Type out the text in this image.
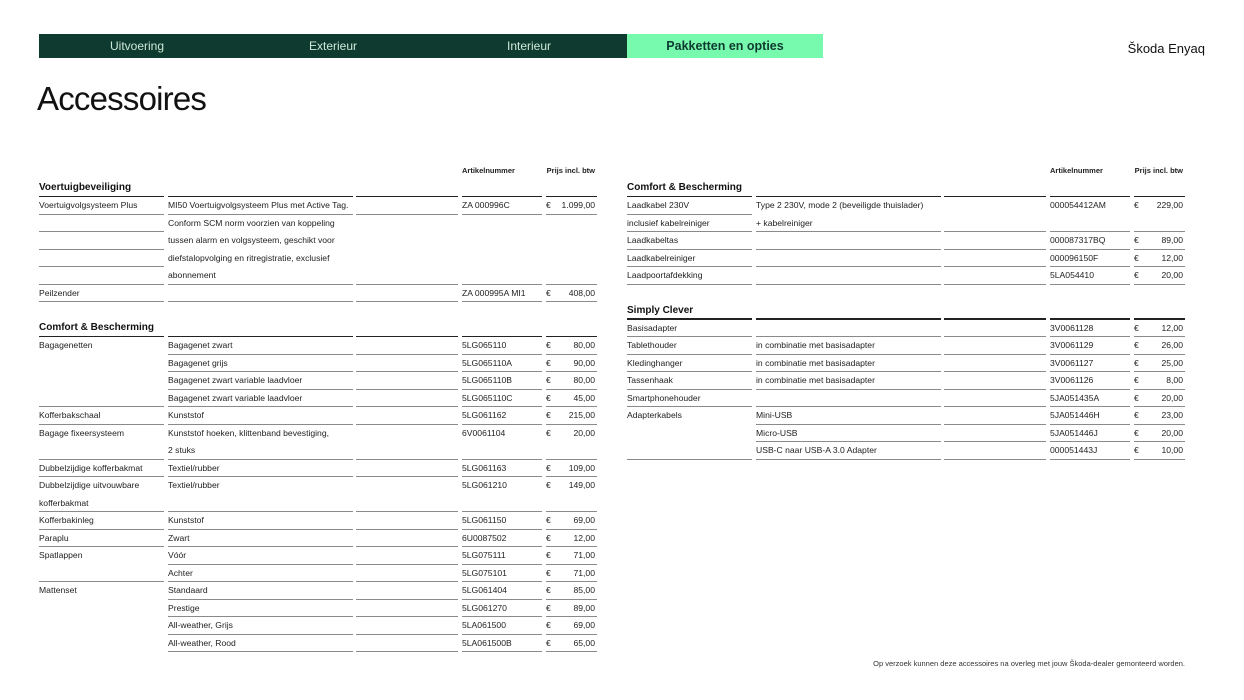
Uitvoering	Exterieur	Interieur	Pakketten en opties	Škoda Enyaq
Accessoires
Artikelnummer	Prijs incl. btw
Voertuigbeveiliging
Voertuigvolgsysteem Plus	MI50 Voertuigvolgsysteem Plus met Active Tag.	ZA 000996C	€ 1.099,00
Conform SCM norm voorzien van koppeling
tussen alarm en volgsysteem, geschikt voor
diefstalopvolging en ritregistratie, exclusief
abonnement
Peilzender	ZA 000995A MI1 € 408,00
Comfort & Bescherming
Bagagenetten	Bagagenet zwart	5LG065110	€	80,00
Bagagenet grijs	5LG065110A	€	90,00
Bagagenet zwart variable laadvloer	5LG065110B	€	80,00
Bagagenet zwart variable laadvloer	5LG065110C	€	45,00
Kofferbakschaal	Kunststof	5LG061162	€ 215,00
Bagage fixeersysteem	Kunststof hoeken, klittenband bevestiging,	6V0061104	€	20,00
2 stuks
Dubbelzijdige kofferbakmat	Textiel/rubber	5LG061163	€ 109,00
Dubbelzijdige uitvouwbare	Textiel/rubber	5LG061210	€ 149,00
kofferbakmat
Kofferbakinleg	Kunststof	5LG061150	€	69,00
Paraplu	Zwart	6U0087502	€	12,00
Spatlappen	Vóór	5LG075111	€	71,00
Achter	5LG075101	€	71,00
Mattenset	Standaard	5LG061404	€	85,00
Prestige	5LG061270	€	89,00
All-weather, Grijs	5LA061500	€	69,00
All-weather, Rood	5LA061500B	€	65,00
Artikelnummer	Prijs incl. btw
Comfort & Bescherming
Laadkabel 230V	Type 2 230V, mode 2 (beveiligde thuislader)	000054412AM	€ 229,00
inclusief kabelreiniger	+ kabelreiniger
Laadkabeltas	000087317BQ	€	89,00
Laadkabelreiniger	000096150F	€	12,00
Laadpoortafdekking	5LA054410	€	20,00
Simply Clever
Basisadapter	3V0061128	€	12,00
Tablethouder	in combinatie met basisadapter	3V0061129	€	26,00
Kledinghanger	in combinatie met basisadapter	3V0061127	€	25,00
Tassenhaak	in combinatie met basisadapter	3V0061126	€	8,00
Smartphonehouder	5JA051435A	€	20,00
Adapterkabels	Mini-USB	5JA051446H	€	23,00
Micro-USB	5JA051446J	€	20,00
USB-C naar USB-A 3.0 Adapter	000051443J	€	10,00
Op verzoek kunnen deze accessoires na overleg met jouw Škoda-dealer gemonteerd worden.
